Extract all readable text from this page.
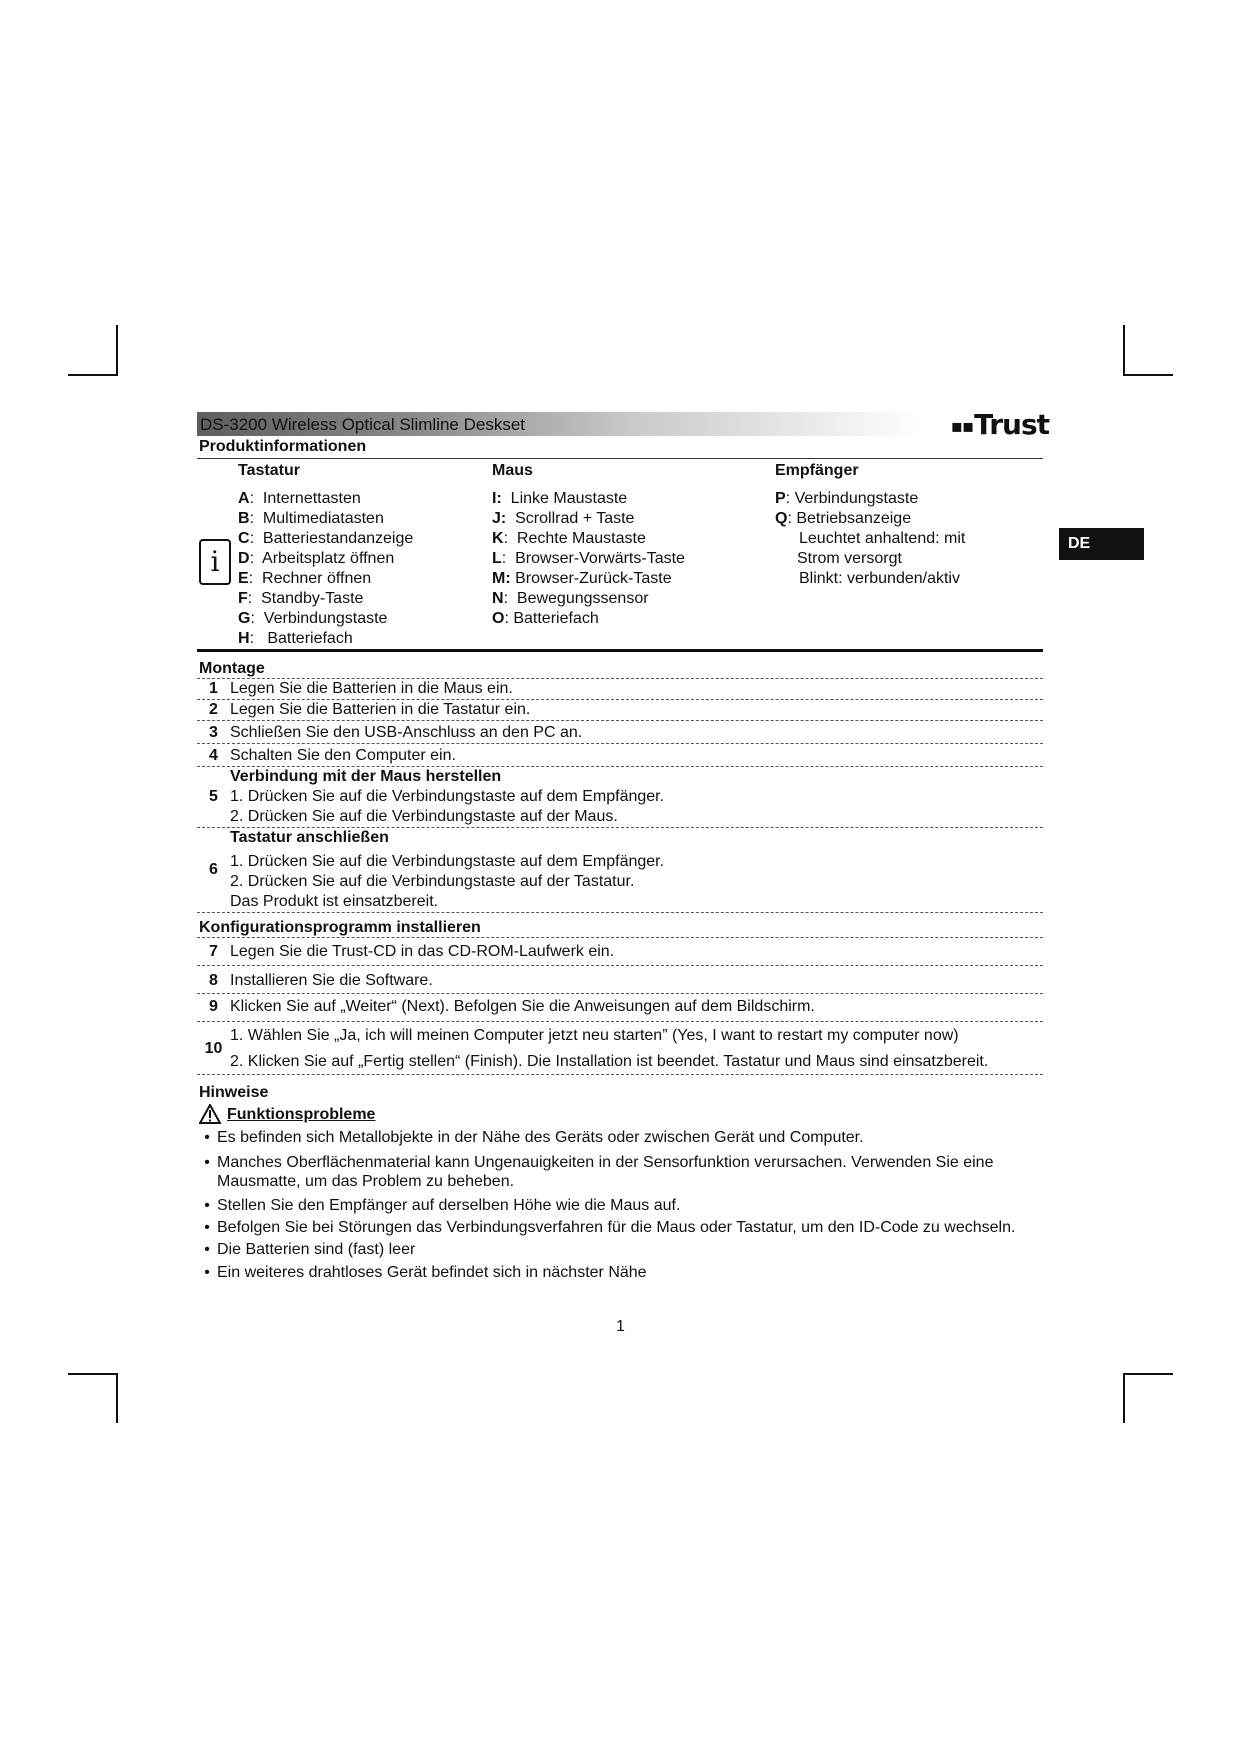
DE
DS-3200 Wireless Optical Slimline Deskset	▪▪Trust
Produktinformationen
i
Tastatur
A:  Internettasten
B:  Multimediatasten
C:  Batteriestandanzeige
D:  Arbeitsplatz öffnen
E:  Rechner öffnen
F:  Standby-Taste
G:  Verbindungstaste
H:   Batteriefach
Maus
I: Linke Maustaste
J: Scrollrad + Taste
K:  Rechte Maustaste
L:  Browser-Vorwärts-Taste
M: Browser-Zurück-Taste
N:  Bewegungssensor
O: Batteriefach
Empfänger
P: Verbindungstaste
Q: Betriebsanzeige
Leuchtet anhaltend: mit
Strom versorgt
Blinkt: verbunden/aktiv
Montage
1 Legen Sie die Batterien in die Maus ein.
2 Legen Sie die Batterien in die Tastatur ein.
3 Schließen Sie den USB-Anschluss an den PC an.
4 Schalten Sie den Computer ein.
5
Verbindung mit der Maus herstellen
1. Drücken Sie auf die Verbindungstaste auf dem Empfänger.
2. Drücken Sie auf die Verbindungstaste auf der Maus.
6
Tastatur anschließen

1. Drücken Sie auf die Verbindungstaste auf dem Empfänger.
2. Drücken Sie auf die Verbindungstaste auf der Tastatur.
Das Produkt ist einsatzbereit.
Konfigurationsprogramm installieren
7 Legen Sie die Trust-CD in das CD-ROM-Laufwerk ein.
8 Installieren Sie die Software.
9 Klicken Sie auf „Weiter“ (Next). Befolgen Sie die Anweisungen auf dem Bildschirm.
10
1. Wählen Sie „Ja, ich will meinen Computer jetzt neu starten” (Yes, I want to restart my computer now)
2. Klicken Sie auf „Fertig stellen“ (Finish). Die Installation ist beendet. Tastatur und Maus sind einsatzbereit.
Hinweise
Funktionsprobleme
• Es befinden sich Metallobjekte in der Nähe des Geräts oder zwischen Gerät und Computer.
• Manches Oberflächenmaterial kann Ungenauigkeiten in der Sensorfunktion verursachen. Verwenden Sie eine Mausmatte, um das Problem zu beheben.
• Stellen Sie den Empfänger auf derselben Höhe wie die Maus auf.
• Befolgen Sie bei Störungen das Verbindungsverfahren für die Maus oder Tastatur, um den ID-Code zu wechseln.
• Die Batterien sind (fast) leer
• Ein weiteres drahtloses Gerät befindet sich in nächster Nähe
1
